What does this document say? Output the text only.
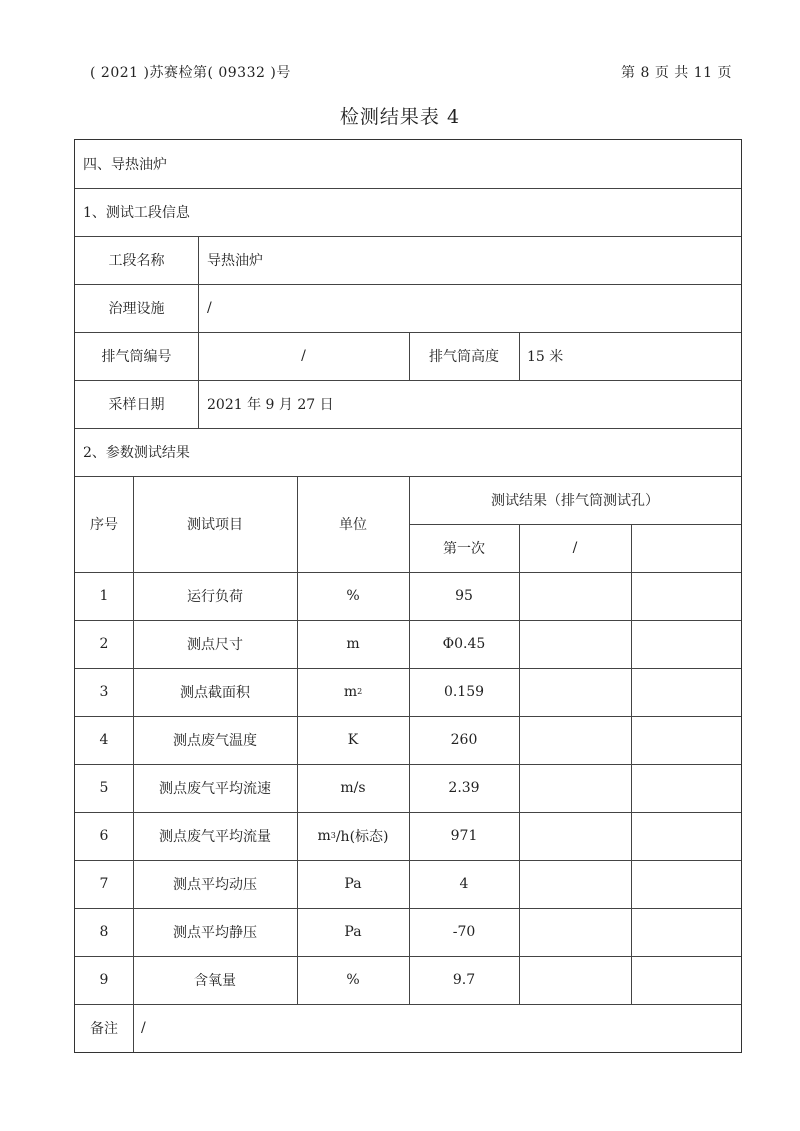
( 2021 )苏赛检第( 09332 )号	第 8 页 共 11 页
检测结果表 4
四、导热油炉
1、测试工段信息
工段名称	导热油炉
治理设施	/
排气筒编号	/	排气筒高度	15 米
采样日期	2021 年 9 月 27 日
2、参数测试结果
序号	测试项目	单位
测试结果（排气筒测试孔）
第一次	/
1	运行负荷	%	95
2	测点尺寸	m	Φ0.45
3	测点截面积	m 2	0.159
4	测点废气温度	K	260
5	测点废气平均流速	m/s	2.39
6	测点废气平均流量	m 3 /h(标态)	971
7	测点平均动压	Pa	4
8	测点平均静压	Pa	-70
9	含氧量	%	9.7
备注	/
